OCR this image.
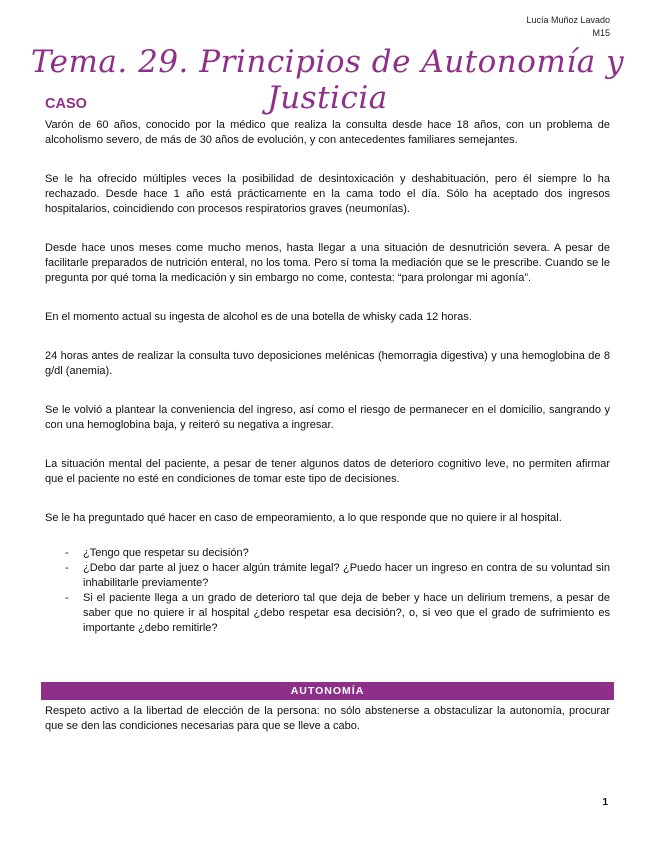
Lucía Muñoz Lavado
M15
Tema. 29. Principios de Autonomía y Justicia
CASO

Varón de 60 años, conocido por la médico que realiza la consulta desde hace 18 años, con un problema de alcoholismo severo, de más de 30 años de evolución, y con antecedentes familiares semejantes.

Se le ha ofrecido múltiples veces la posibilidad de desintoxicación y deshabituación, pero él siempre lo ha rechazado. Desde hace 1 año está prácticamente en la cama todo el día. Sólo ha aceptado dos ingresos hospitalarios, coincidiendo con procesos respiratorios graves (neumonías).

Desde hace unos meses come mucho menos, hasta llegar a una situación de desnutrición severa. A pesar de facilitarle preparados de nutrición enteral, no los toma. Pero sí toma la mediación que se le prescribe. Cuando se le pregunta por qué toma la medicación y sin embargo no come, contesta: “para prolongar mi agonía”.

En el momento actual su ingesta de alcohol es de una botella de whisky cada 12 horas.

24 horas antes de realizar la consulta tuvo deposiciones melénicas (hemorragia digestiva) y una hemoglobina de 8 g/dl (anemia).

Se le volvió a plantear la conveniencia del ingreso, así como el riesgo de permanecer en el domicilio, sangrando y con una hemoglobina baja, y reiteró su negativa a ingresar.

La situación mental del paciente, a pesar de tener algunos datos de deterioro cognitivo leve, no permiten afirmar que el paciente no esté en condiciones de tomar este tipo de decisiones.

Se le ha preguntado qué hacer en caso de empeoramiento, a lo que responde que no quiere ir al hospital.

- ¿Tengo que respetar su decisión?
- ¿Debo dar parte al juez o hacer algún trámite legal? ¿Puedo hacer un ingreso en contra de su voluntad sin inhabilitarle previamente?
- Si el paciente llega a un grado de deterioro tal que deja de beber y hace un delirium tremens, a pesar de saber que no quiere ir al hospital ¿debo respetar esa decisión?, o, si veo que el grado de sufrimiento es importante ¿debo remitirle?
AUTONOMÍA

Respeto activo a la libertad de elección de la persona: no sólo abstenerse a obstaculizar la autonomía, procurar que se den las condiciones necesarias para que se lleve a cabo.

1
